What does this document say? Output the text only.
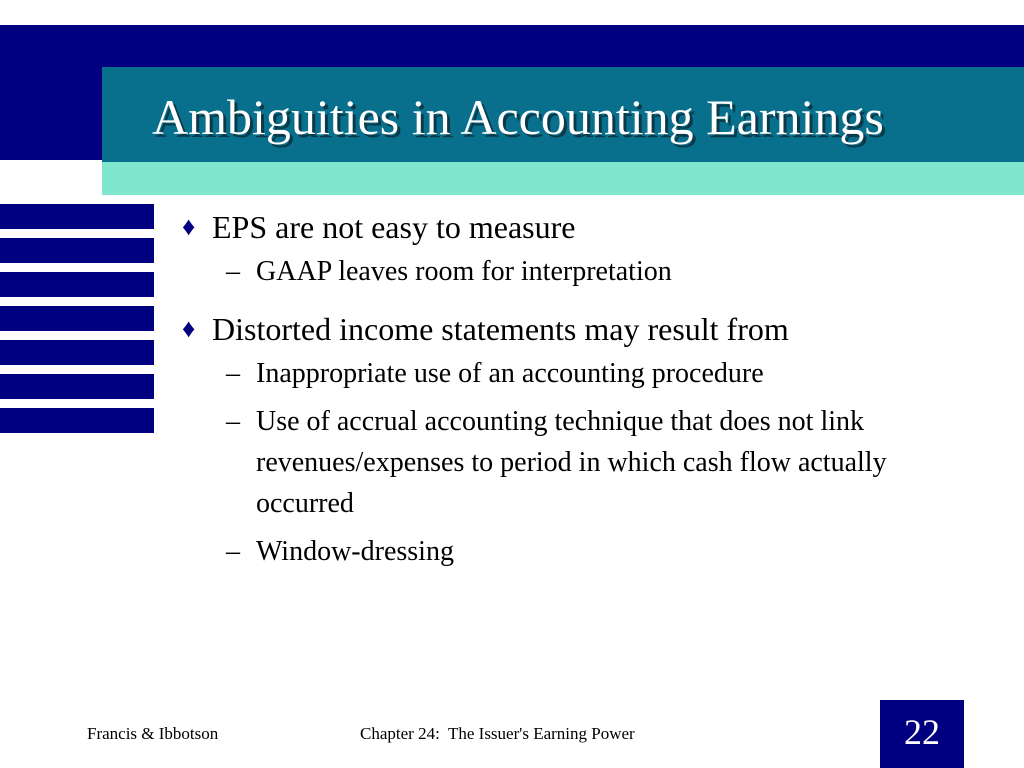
Ambiguities in Accounting Earnings
♦ EPS are not easy to measure
– GAAP leaves room for interpretation
♦ Distorted income statements may result from
– Inappropriate use of an accounting procedure
– Use of accrual accounting technique that does not link revenues/expenses to period in which cash flow actually occurred
– Window-dressing
Francis & Ibbotson	Chapter 24:  The Issuer's Earning Power	22
